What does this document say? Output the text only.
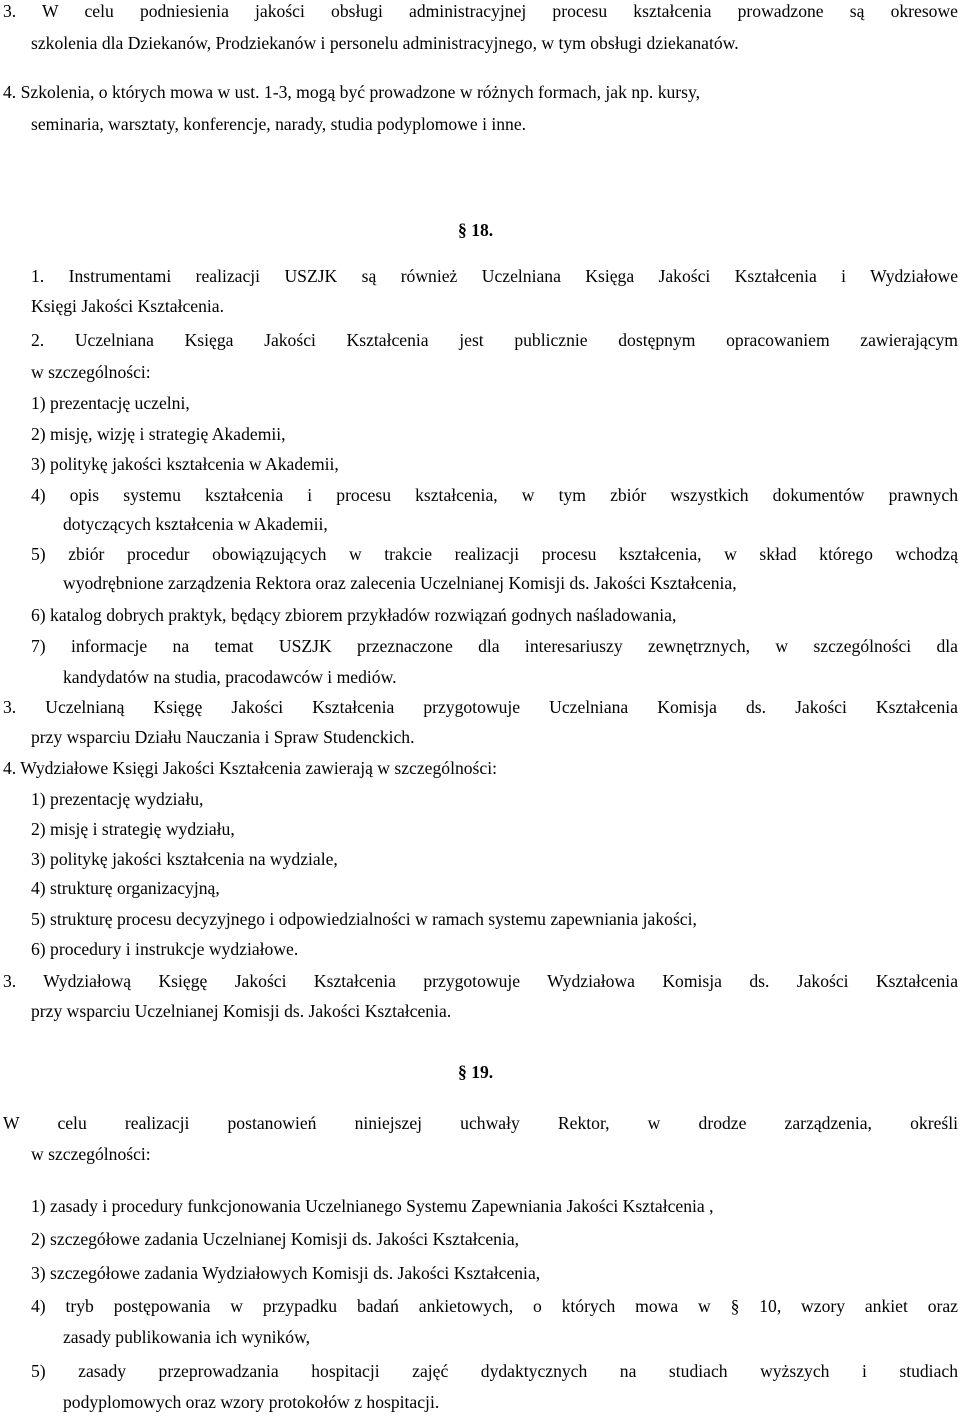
3. W celu podniesienia jakości obsługi administracyjnej procesu kształcenia prowadzone są okresowe
szkolenia dla Dziekanów, Prodziekanów i personelu administracyjnego, w tym obsługi dziekanatów.
4. Szkolenia, o których mowa w ust. 1-3, mogą być prowadzone w różnych formach, jak np. kursy,
seminaria, warsztaty, konferencje, narady, studia podyplomowe i inne.
§ 18.
1. Instrumentami realizacji USZJK są również Uczelniana Księga Jakości Kształcenia i Wydziałowe
Księgi Jakości Kształcenia.
2. Uczelniana Księga Jakości Kształcenia jest publicznie dostępnym opracowaniem zawierającym
w szczególności:
1) prezentację uczelni,
2) misję, wizję i strategię Akademii,
3) politykę jakości kształcenia w Akademii,
4) opis systemu kształcenia i procesu kształcenia, w tym zbiór wszystkich dokumentów prawnych
dotyczących kształcenia w Akademii,
5) zbiór procedur obowiązujących w trakcie realizacji procesu kształcenia, w skład którego wchodzą
wyodrębnione zarządzenia Rektora oraz zalecenia Uczelnianej Komisji ds. Jakości Kształcenia,
6) katalog dobrych praktyk, będący zbiorem przykładów rozwiązań godnych naśladowania,
7) informacje na temat USZJK przeznaczone dla interesariuszy zewnętrznych, w szczególności dla
kandydatów na studia, pracodawców i mediów.
3. Uczelnianą Księgę Jakości Kształcenia przygotowuje Uczelniana Komisja ds. Jakości Kształcenia
przy wsparciu Działu Nauczania i Spraw Studenckich.
4. Wydziałowe Księgi Jakości Kształcenia zawierają w szczególności:
1) prezentację wydziału,
2) misję i strategię wydziału,
3) politykę jakości kształcenia na wydziale,
4) strukturę organizacyjną,
5) strukturę procesu decyzyjnego i odpowiedzialności w ramach systemu zapewniania jakości,
6) procedury i instrukcje wydziałowe.
3. Wydziałową Księgę Jakości Kształcenia przygotowuje Wydziałowa Komisja ds. Jakości Kształcenia
przy wsparciu Uczelnianej Komisji ds. Jakości Kształcenia.
§ 19.
W celu realizacji postanowień niniejszej uchwały Rektor, w drodze zarządzenia, określi
w szczególności:
1) zasady i procedury funkcjonowania Uczelnianego Systemu Zapewniania Jakości Kształcenia ,
2) szczegółowe zadania Uczelnianej Komisji ds. Jakości Kształcenia,
3) szczegółowe zadania Wydziałowych Komisji ds. Jakości Kształcenia,
4) tryb postępowania w przypadku badań ankietowych, o których mowa w § 10, wzory ankiet oraz
zasady publikowania ich wyników,
5) zasady przeprowadzania hospitacji zajęć dydaktycznych na studiach wyższych i studiach
podyplomowych oraz wzory protokołów z hospitacji.
